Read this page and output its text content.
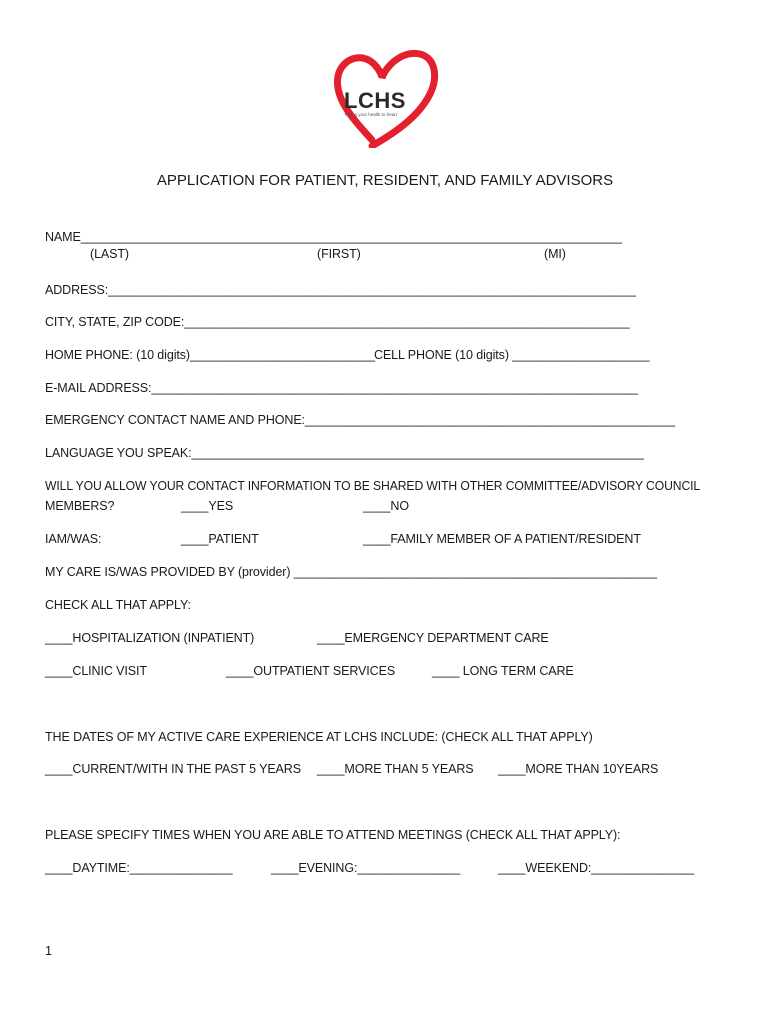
LCHS
Taking your health to heart
APPLICATION FOR PATIENT, RESIDENT, AND FAMILY ADVISORS
NAME_______________________________________________________________________________
(LAST)	(FIRST)	(MI)
ADDRESS:_____________________________________________________________________________
CITY, STATE, ZIP CODE:_________________________________________________________________
HOME PHONE: (10 digits)___________________________ CELL PHONE (10 digits) ____________________
E-MAIL ADDRESS:_______________________________________________________________________
EMERGENCY CONTACT NAME AND PHONE:______________________________________________________
LANGUAGE YOU SPEAK:__________________________________________________________________
WILL YOU ALLOW YOUR CONTACT INFORMATION TO BE SHARED WITH OTHER COMMITTEE/ADVISORY COUNCIL
MEMBERS?	____YES	____NO
IAM/WAS:	____PATIENT	____FAMILY MEMBER OF A PATIENT/RESIDENT
MY CARE IS/WAS PROVIDED BY (provider) _____________________________________________________
CHECK ALL THAT APPLY:
____HOSPITALIZATION (INPATIENT)	____EMERGENCY DEPARTMENT CARE
____CLINIC VISIT	____OUTPATIENT SERVICES	____ LONG TERM CARE
THE DATES OF MY ACTIVE CARE EXPERIENCE AT LCHS INCLUDE: (CHECK ALL THAT APPLY)
____CURRENT/WITH IN THE PAST 5 YEARS ____MORE THAN 5 YEARS ____MORE THAN 10YEARS
PLEASE SPECIFY TIMES WHEN YOU ARE ABLE TO ATTEND MEETINGS (CHECK ALL THAT APPLY):
____DAYTIME:_______________	____EVENING:_______________	____WEEKEND:_______________
1
